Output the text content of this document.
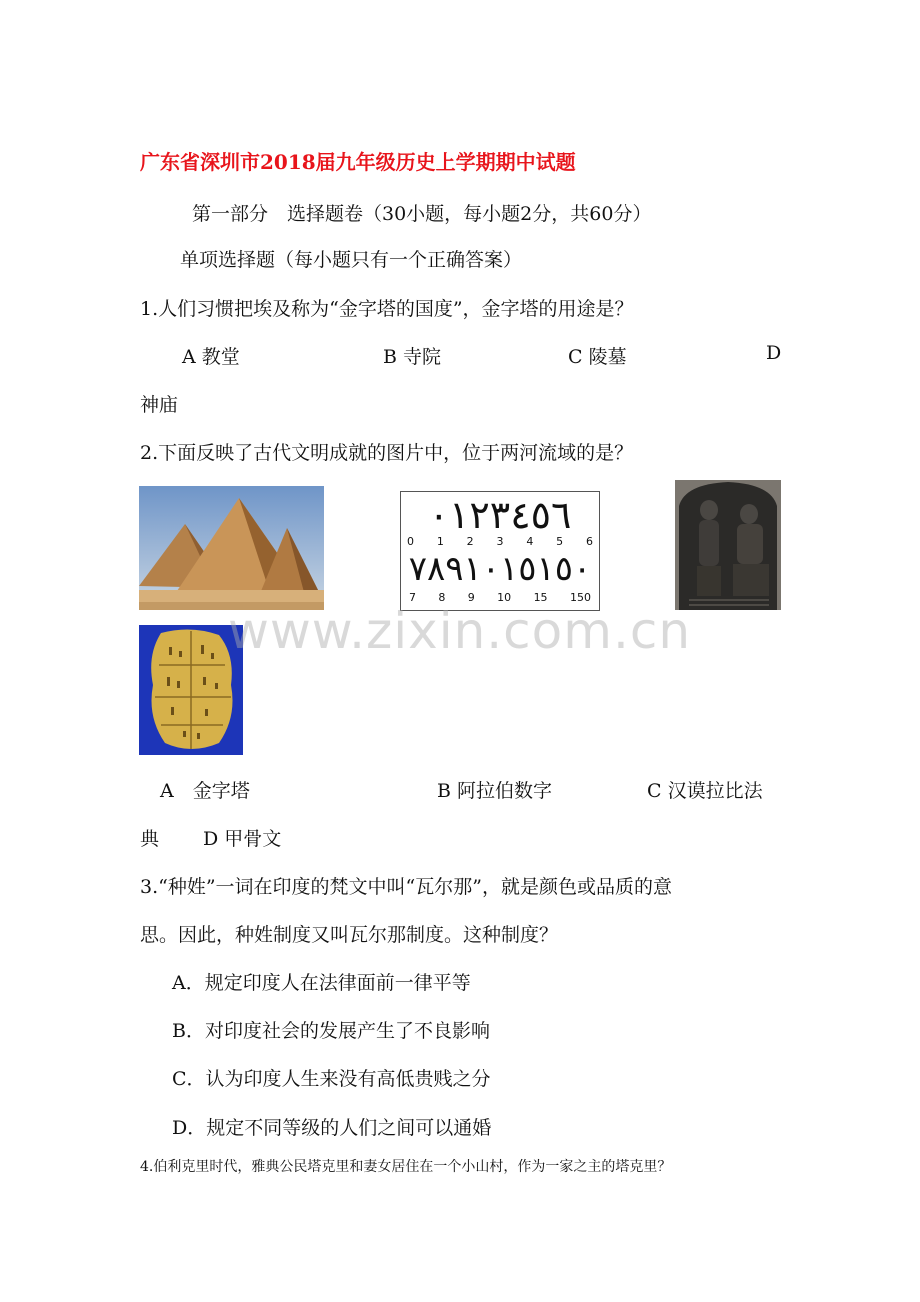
广东省深圳市2018届九年级历史上学期期中试题
第一部分　选择题卷（30小题，每小题2分，共60分）
单项选择题（每小题只有一个正确答案）
1.人们习惯把埃及称为“金字塔的国度”，金字塔的用途是？
A 教堂	B 寺院	C 陵墓	D
神庙
2.下面反映了古代文明成就的图片中，位于两河流域的是？
٠١٢٣٤٥٦
0 1 2 3 4 5 6
٧٨٩١٠١٥١٥٠
7 8 9 10 15 150
www.zixin.com.cn
A　金字塔	B 阿拉伯数字	C 汉谟拉比法
典 D 甲骨文
3.“种姓”一词在印度的梵文中叫“瓦尔那”，就是颜色或品质的意
思。因此，种姓制度又叫瓦尔那制度。这种制度？
A．规定印度人在法律面前一律平等
B．对印度社会的发展产生了不良影响
C．认为印度人生来没有高低贵贱之分
D．规定不同等级的人们之间可以通婚
4.伯利克里时代，雅典公民塔克里和妻女居住在一个小山村，作为一家之主的塔克里？
